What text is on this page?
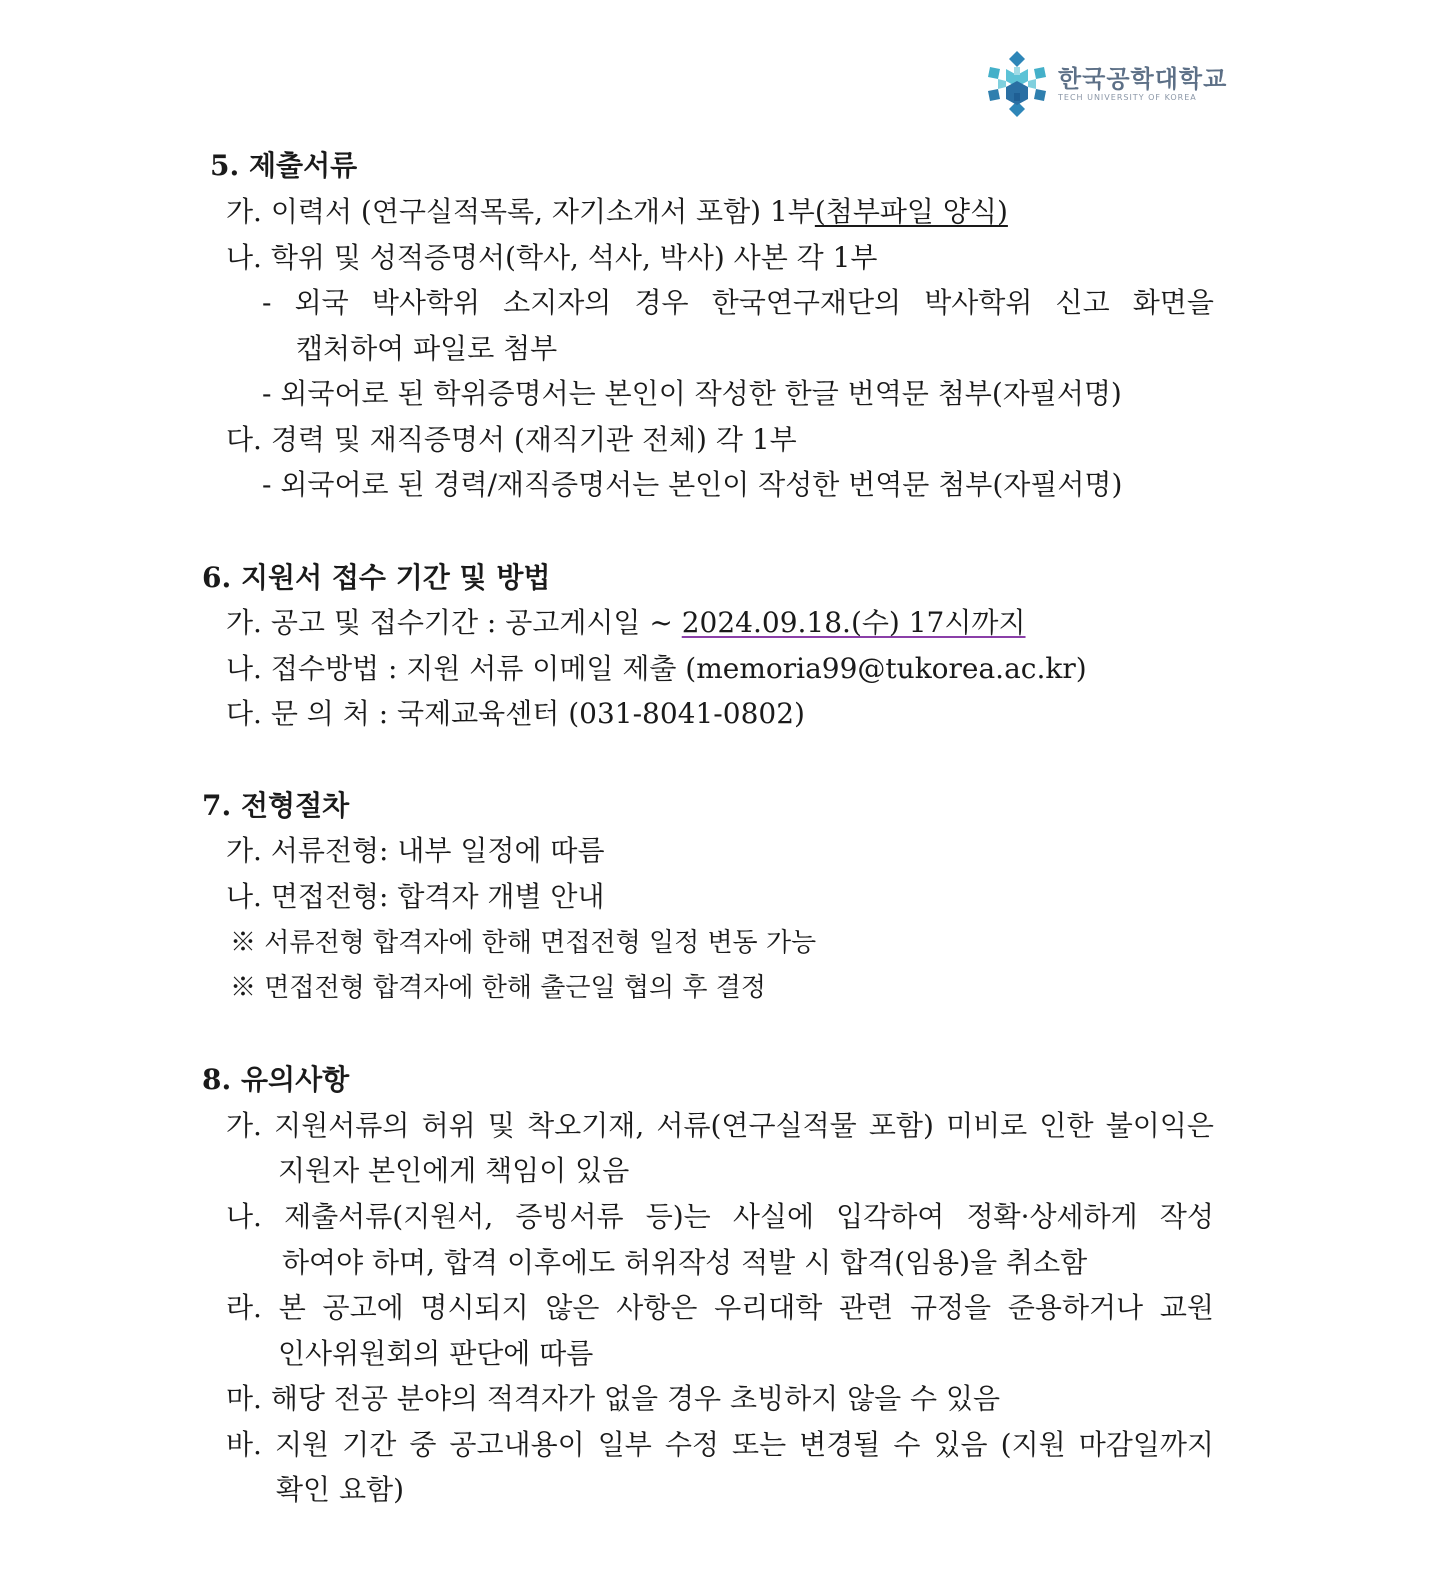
한국공학대학교
TECH UNIVERSITY OF KOREA
5. 제출서류
가. 이력서 (연구실적목록, 자기소개서 포함) 1부(첨부파일 양식)
나. 학위 및 성적증명서(학사, 석사, 박사) 사본 각 1부
- 외국 박사학위 소지자의 경우 한국연구재단의 박사학위 신고 화면을
캡처하여 파일로 첨부
- 외국어로 된 학위증명서는 본인이 작성한 한글 번역문 첨부(자필서명)
다. 경력 및 재직증명서 (재직기관 전체) 각 1부
- 외국어로 된 경력/재직증명서는 본인이 작성한 번역문 첨부(자필서명)
6. 지원서 접수 기간 및 방법
가. 공고 및 접수기간 : 공고게시일 ~ 2024.09.18.(수) 17시까지
나. 접수방법 : 지원 서류 이메일 제출 (memoria99@tukorea.ac.kr)
다. 문 의 처 : 국제교육센터 (031-8041-0802)
7. 전형절차
가. 서류전형: 내부 일정에 따름
나. 면접전형: 합격자 개별 안내
※ 서류전형 합격자에 한해 면접전형 일정 변동 가능
※ 면접전형 합격자에 한해 출근일 협의 후 결정
8. 유의사항
가. 지원서류의 허위 및 착오기재, 서류(연구실적물 포함) 미비로 인한 불이익은
지원자 본인에게 책임이 있음
나. 제출서류(지원서, 증빙서류 등)는 사실에 입각하여 정확·상세하게 작성
하여야 하며, 합격 이후에도 허위작성 적발 시 합격(임용)을 취소함
라. 본 공고에 명시되지 않은 사항은 우리대학 관련 규정을 준용하거나 교원
인사위원회의 판단에 따름
마. 해당 전공 분야의 적격자가 없을 경우 초빙하지 않을 수 있음
바. 지원 기간 중 공고내용이 일부 수정 또는 변경될 수 있음 (지원 마감일까지
확인 요함)
